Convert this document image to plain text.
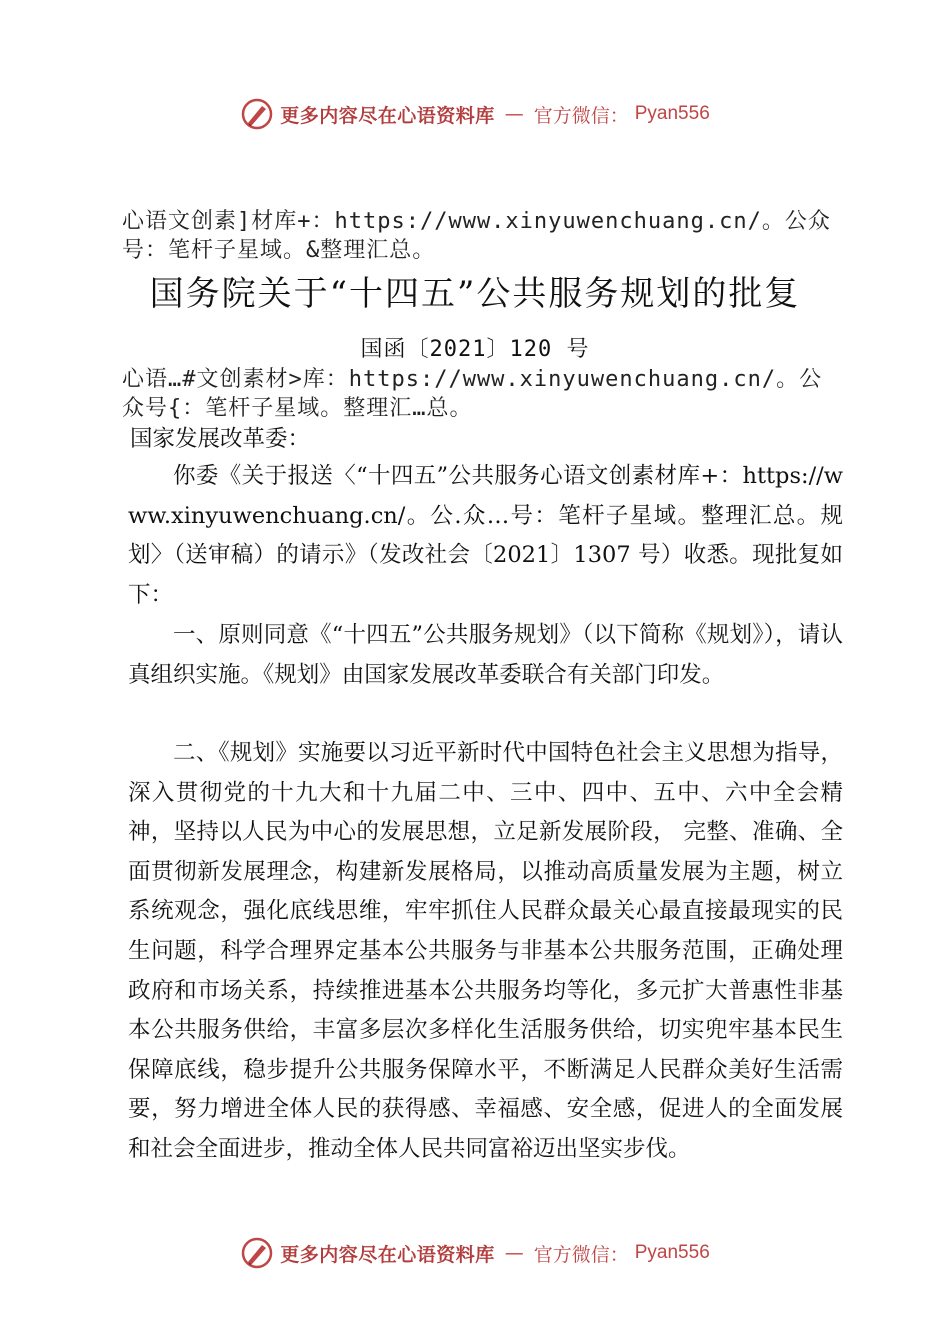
更多内容尽在心语资料库 — 官方微信： Pyan556
心语文创素]材库+：https://www.xinyuwenchuang.cn/。公众号：笔杆子星域。&整理汇总。
国务院关于“十四五”公共服务规划的批复
国函〔2021〕120 号
心语…#文创素材>库：https://www.xinyuwenchuang.cn/。公众号{：笔杆子星域。整理汇…总。
国家发展改革委：
你委《关于报送〈“十四五”公共服务心语文创素材库+：https://www.xinyuwenchuang.cn/。公.众…号：笔杆子星域。整理汇总。规划〉（送审稿）的请示》（发改社会〔2021〕1307 号）收悉。现批复如下：
一、原则同意《“十四五”公共服务规划》（以下简称《规划》），请认真组织实施。《规划》由国家发展改革委联合有关部门印发。
二、《规划》实施要以习近平新时代中国特色社会主义思想为指导，深入贯彻党的十九大和十九届二中、三中、四中、五中、六中全会精神，坚持以人民为中心的发展思想，立足新发展阶段， 完整、准确、全面贯彻新发展理念，构建新发展格局，以推动高质量发展为主题，树立系统观念，强化底线思维，牢牢抓住人民群众最关心最直接最现实的民生问题，科学合理界定基本公共服务与非基本公共服务范围，正确处理政府和市场关系，持续推进基本公共服务均等化，多元扩大普惠性非基本公共服务供给，丰富多层次多样化生活服务供给，切实兜牢基本民生保障底线，稳步提升公共服务保障水平，不断满足人民群众美好生活需要，努力增进全体人民的获得感、幸福感、安全感，促进人的全面发展和社会全面进步，推动全体人民共同富裕迈出坚实步伐。
更多内容尽在心语资料库 — 官方微信： Pyan556
